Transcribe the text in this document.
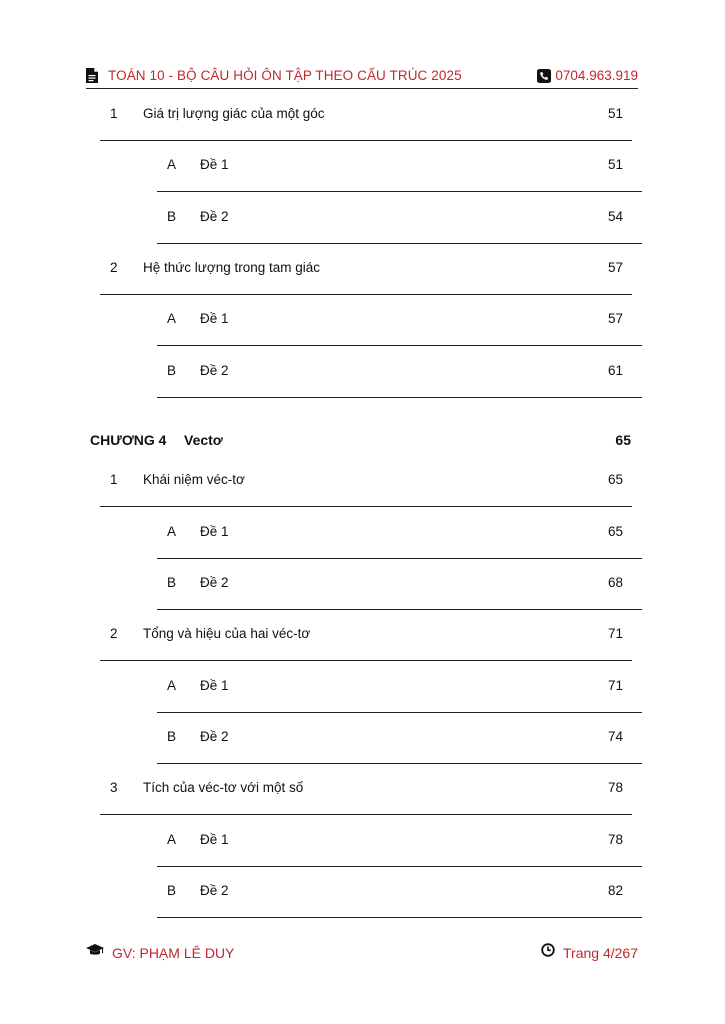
TOÁN 10 - BỘ CÂU HỎI ÔN TẬP THEO CẤU TRÚC 2025	0704.963.919
1 Giá trị lượng giác của một góc	51
A Đề 1	51
B Đề 2	54
2 Hệ thức lượng trong tam giác	57
A Đề 1	57
B Đề 2	61
CHƯƠNG 4 Vectơ	65
1 Khái niệm véc-tơ	65
A Đề 1	65
B Đề 2	68
2 Tổng và hiệu của hai véc-tơ	71
A Đề 1	71
B Đề 2	74
3 Tích của véc-tơ với một số	78
A Đề 1	78
B Đề 2	82
GV: PHẠM LÊ DUY	Trang 4/267
